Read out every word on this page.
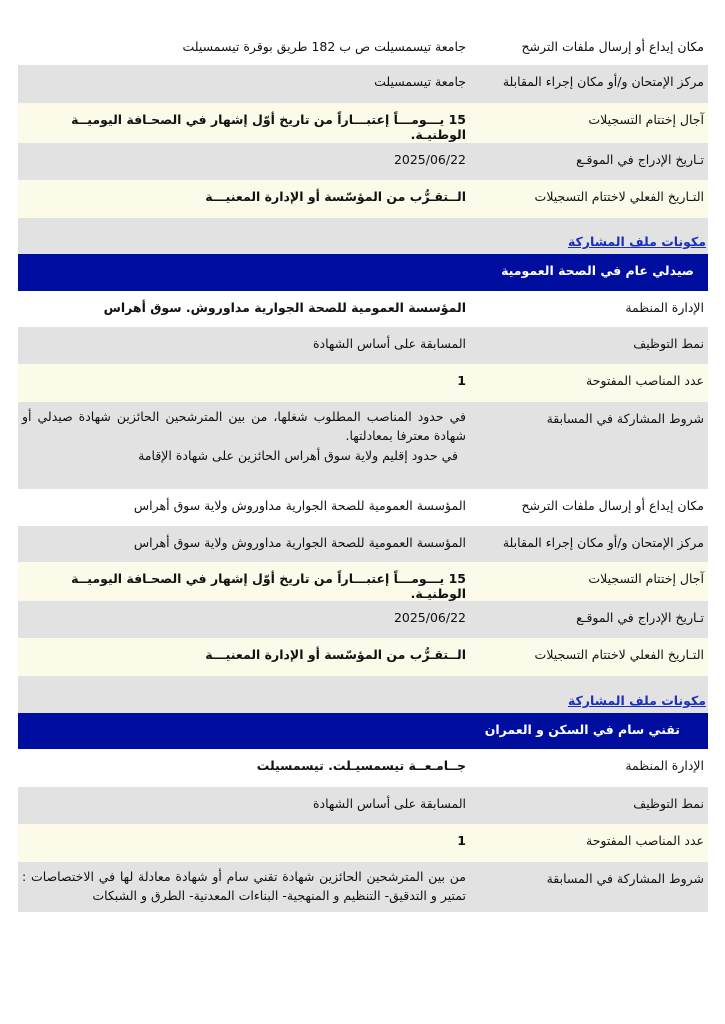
مكان إيداع أو إرسال ملفات الترشح
جامعة تيسمسيلت ص ب 182 طريق بوقرة تيسمسيلت
مركز الإمتحان و/أو مكان إجراء المقابلة
جامعة تيسمسيلت
آجال إختتام التسجيلات
15 يـــومـــاً إعتبـــاراً من تاريخ أوّل إشهار في الصحـافة اليوميــة الوطنيـة.
تـاريخ الإدراج في الموقـع
2025/06/22
التـاريخ الفعلي لاختتام التسجيلات
الــتقـرُّب من المؤسّسة أو الإدارة المعنيـــة
مكونات ملف المشاركة
صيدلي عام في الصحة العمومية
الإدارة المنظمة
المؤسسة العمومية للصحة الجوارية مداوروش. سوق أهراس
نمط التوظيف
المسابقة على أساس الشهادة
عدد المناصب المفتوحة
1
شروط المشاركة في المسابقة
في حدود المناصب المطلوب شغلها، من بين المترشحين الحائزين شهادة صيدلي أو شهادة معترفا بمعادلتها.
في حدود إقليم ولاية سوق أهراس الحائزين على شهادة الإقامة
مكان إيداع أو إرسال ملفات الترشح
المؤسسة العمومية للصحة الجوارية مداوروش ولاية سوق أهراس
مركز الإمتحان و/أو مكان إجراء المقابلة
المؤسسة العمومية للصحة الجوارية مداوروش ولاية سوق أهراس
آجال إختتام التسجيلات
15 يـــومـــاً إعتبـــاراً من تاريخ أوّل إشهار في الصحـافة اليوميــة الوطنيـة.
تـاريخ الإدراج في الموقـع
2025/06/22
التـاريخ الفعلي لاختتام التسجيلات
الــتقـرُّب من المؤسّسة أو الإدارة المعنيـــة
مكونات ملف المشاركة
تقني سام في السكن و العمران
الإدارة المنظمة
جــامـعــة تيسمسيـلت. تيسمسيلت
نمط التوظيف
المسابقة على أساس الشهادة
عدد المناصب المفتوحة
1
شروط المشاركة في المسابقة
من بين المترشحين الحائزين شهادة تقني سام أو شهادة معادلة لها في الاختصاصات : تمتير و التدقيق- التنظيم و المنهجية- البناءات المعدنية- الطرق و الشبكات
